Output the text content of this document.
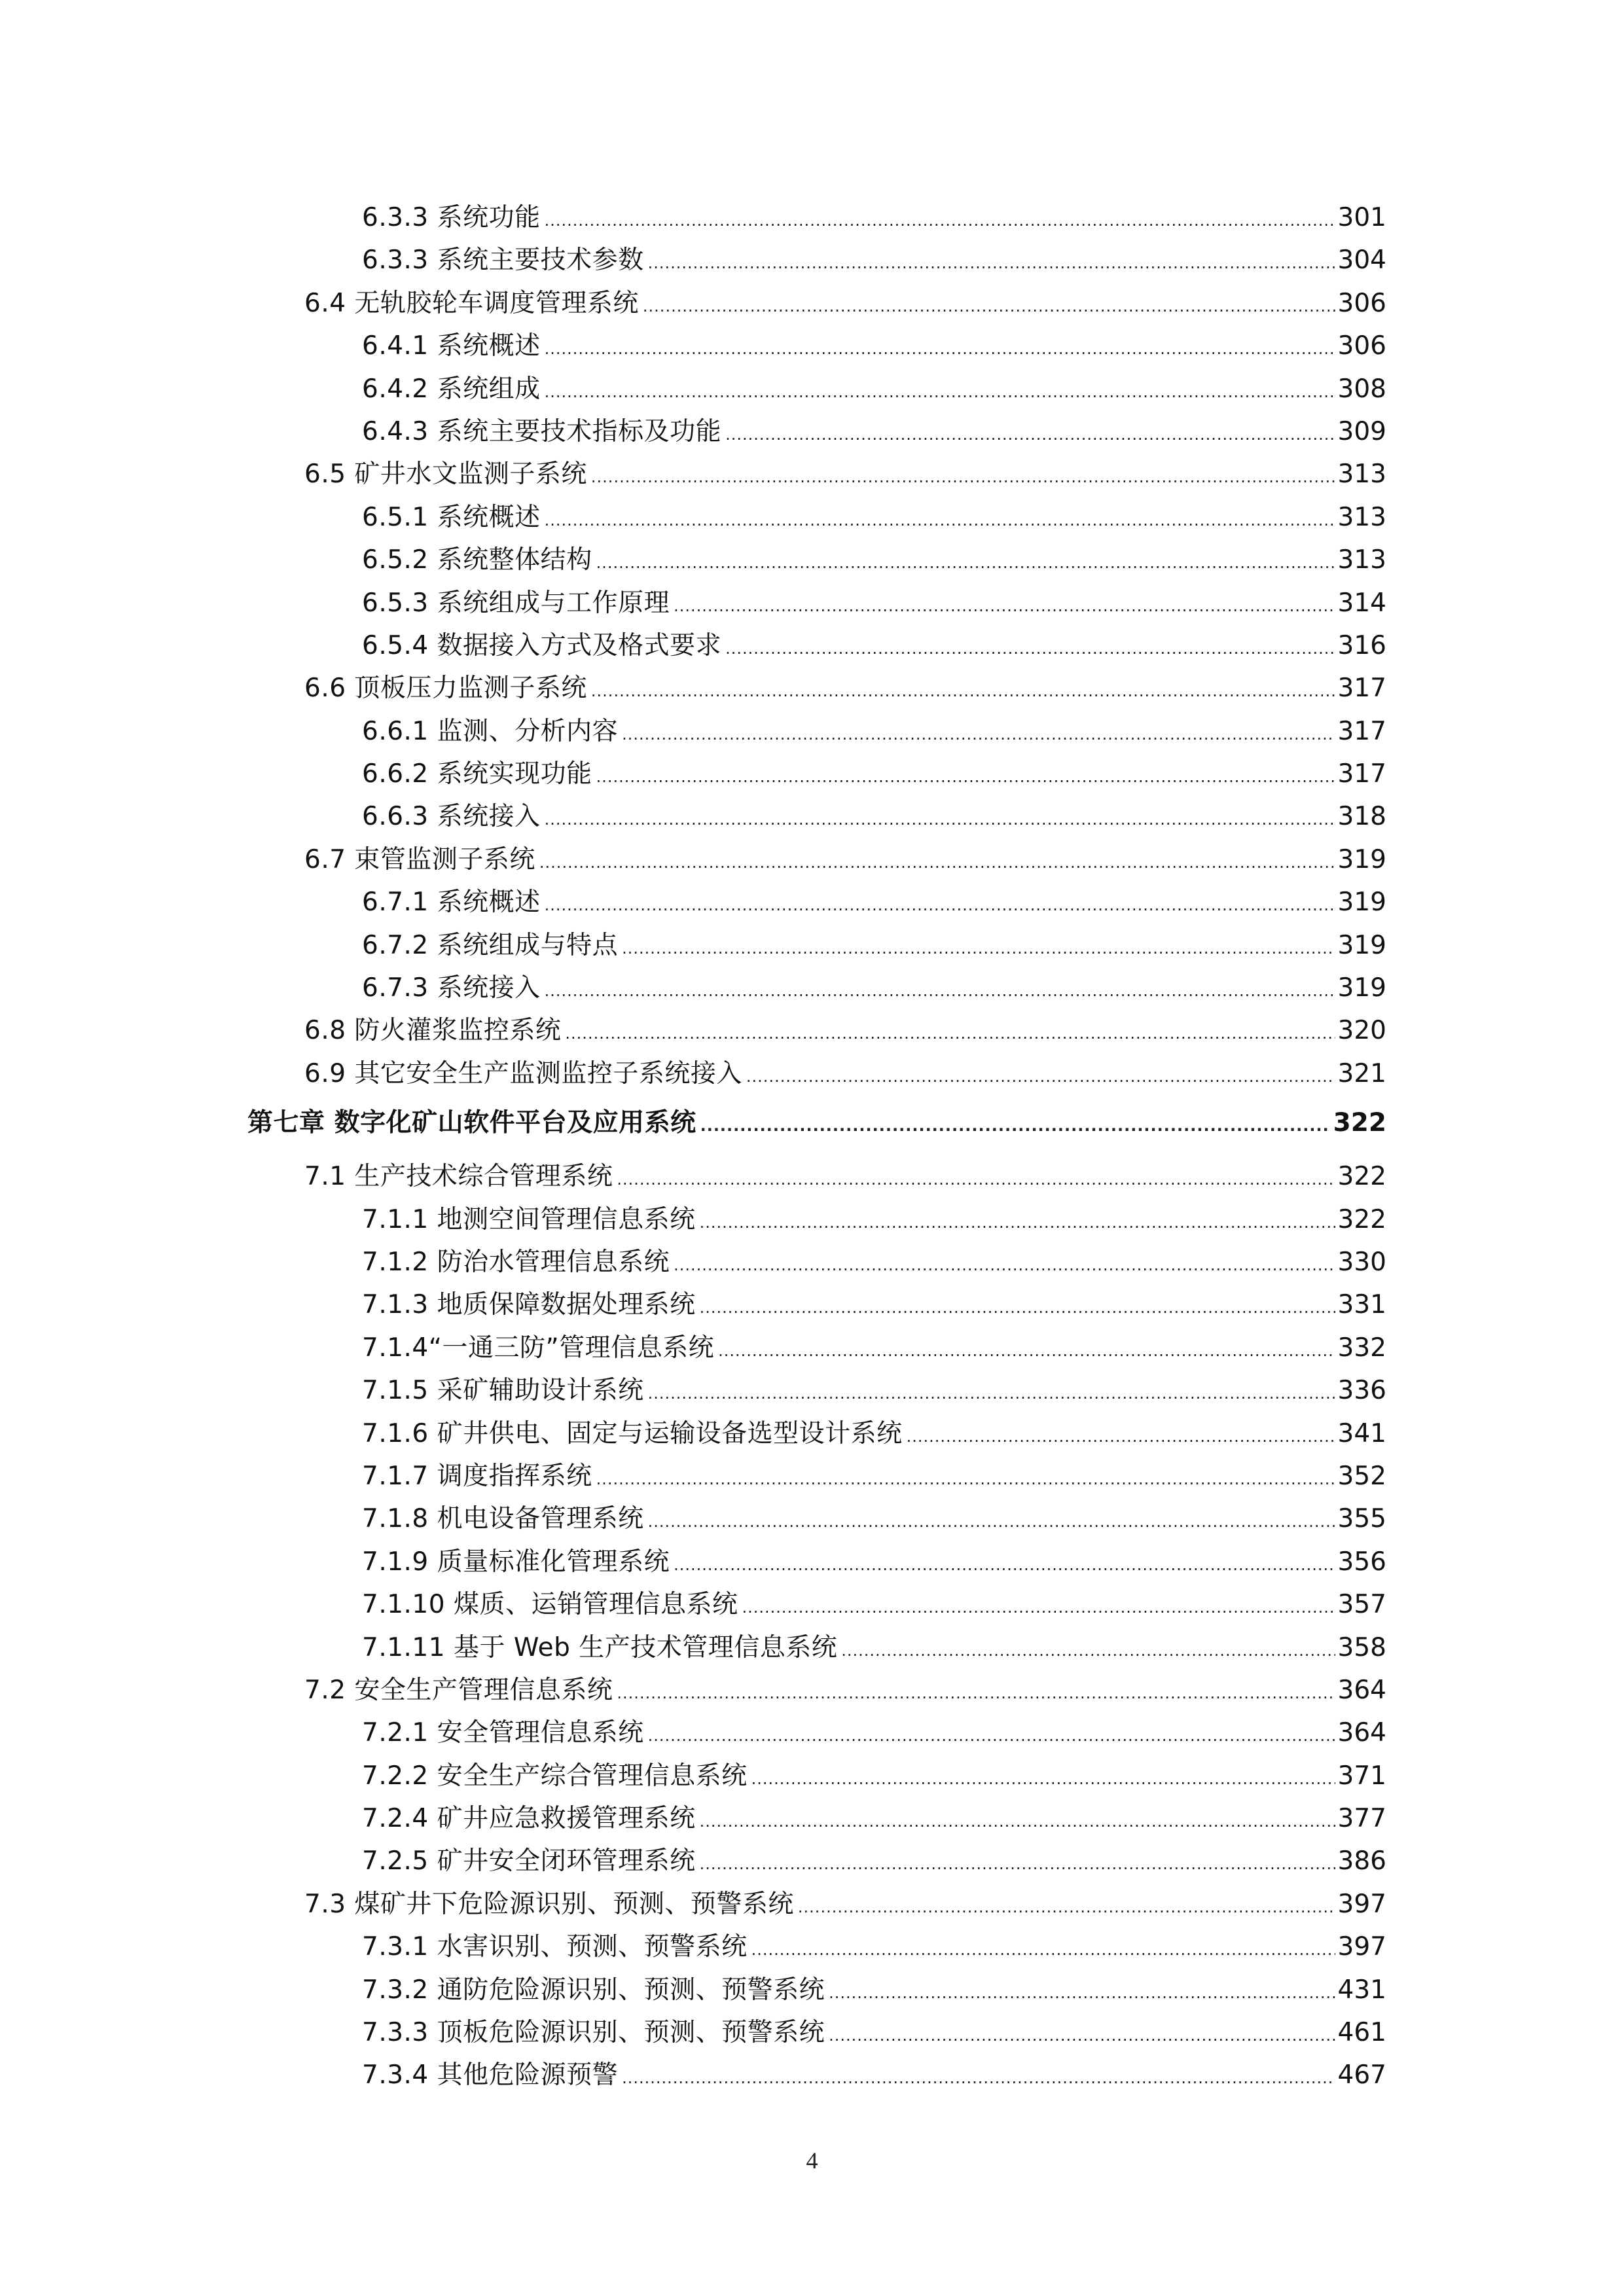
6.3.3 系统功能 .....	301
6.3.3 系统主要技术参数 .....	304
6.4 无轨胶轮车调度管理系统 .....	306
6.4.1 系统概述 .....	306
6.4.2 系统组成 .....	308
6.4.3 系统主要技术指标及功能 .....	309
6.5 矿井水文监测子系统 .....	313
6.5.1 系统概述 .....	313
6.5.2 系统整体结构 .....	313
6.5.3 系统组成与工作原理 .....	314
6.5.4 数据接入方式及格式要求 .....	316
6.6 顶板压力监测子系统 .....	317
6.6.1 监测、分析内容 .....	317
6.6.2 系统实现功能 .....	317
6.6.3 系统接入 .....	318
6.7 束管监测子系统 .....	319
6.7.1 系统概述 .....	319
6.7.2 系统组成与特点 .....	319
6.7.3 系统接入 .....	319
6.8 防火灌浆监控系统 .....	320
6.9 其它安全生产监测监控子系统接入 .....	321
第七章 数字化矿山软件平台及应用系统 .....	322
7.1 生产技术综合管理系统 .....	322
7.1.1 地测空间管理信息系统 .....	322
7.1.2 防治水管理信息系统 .....	330
7.1.3 地质保障数据处理系统 .....	331
7.1.4“一通三防”管理信息系统 .....	332
7.1.5 采矿辅助设计系统 .....	336
7.1.6 矿井供电、固定与运输设备选型设计系统 .....	341
7.1.7 调度指挥系统 .....	352
7.1.8 机电设备管理系统 .....	355
7.1.9 质量标准化管理系统 .....	356
7.1.10 煤质、运销管理信息系统 .....	357
7.1.11 基于 Web 生产技术管理信息系统 .....	358
7.2 安全生产管理信息系统 .....	364
7.2.1 安全管理信息系统 .....	364
7.2.2 安全生产综合管理信息系统 .....	371
7.2.4 矿井应急救援管理系统 .....	377
7.2.5 矿井安全闭环管理系统 .....	386
7.3 煤矿井下危险源识别、预测、预警系统 .....	397
7.3.1 水害识别、预测、预警系统 .....	397
7.3.2 通防危险源识别、预测、预警系统 .....	431
7.3.3 顶板危险源识别、预测、预警系统 .....	461
7.3.4 其他危险源预警 .....	467
4
